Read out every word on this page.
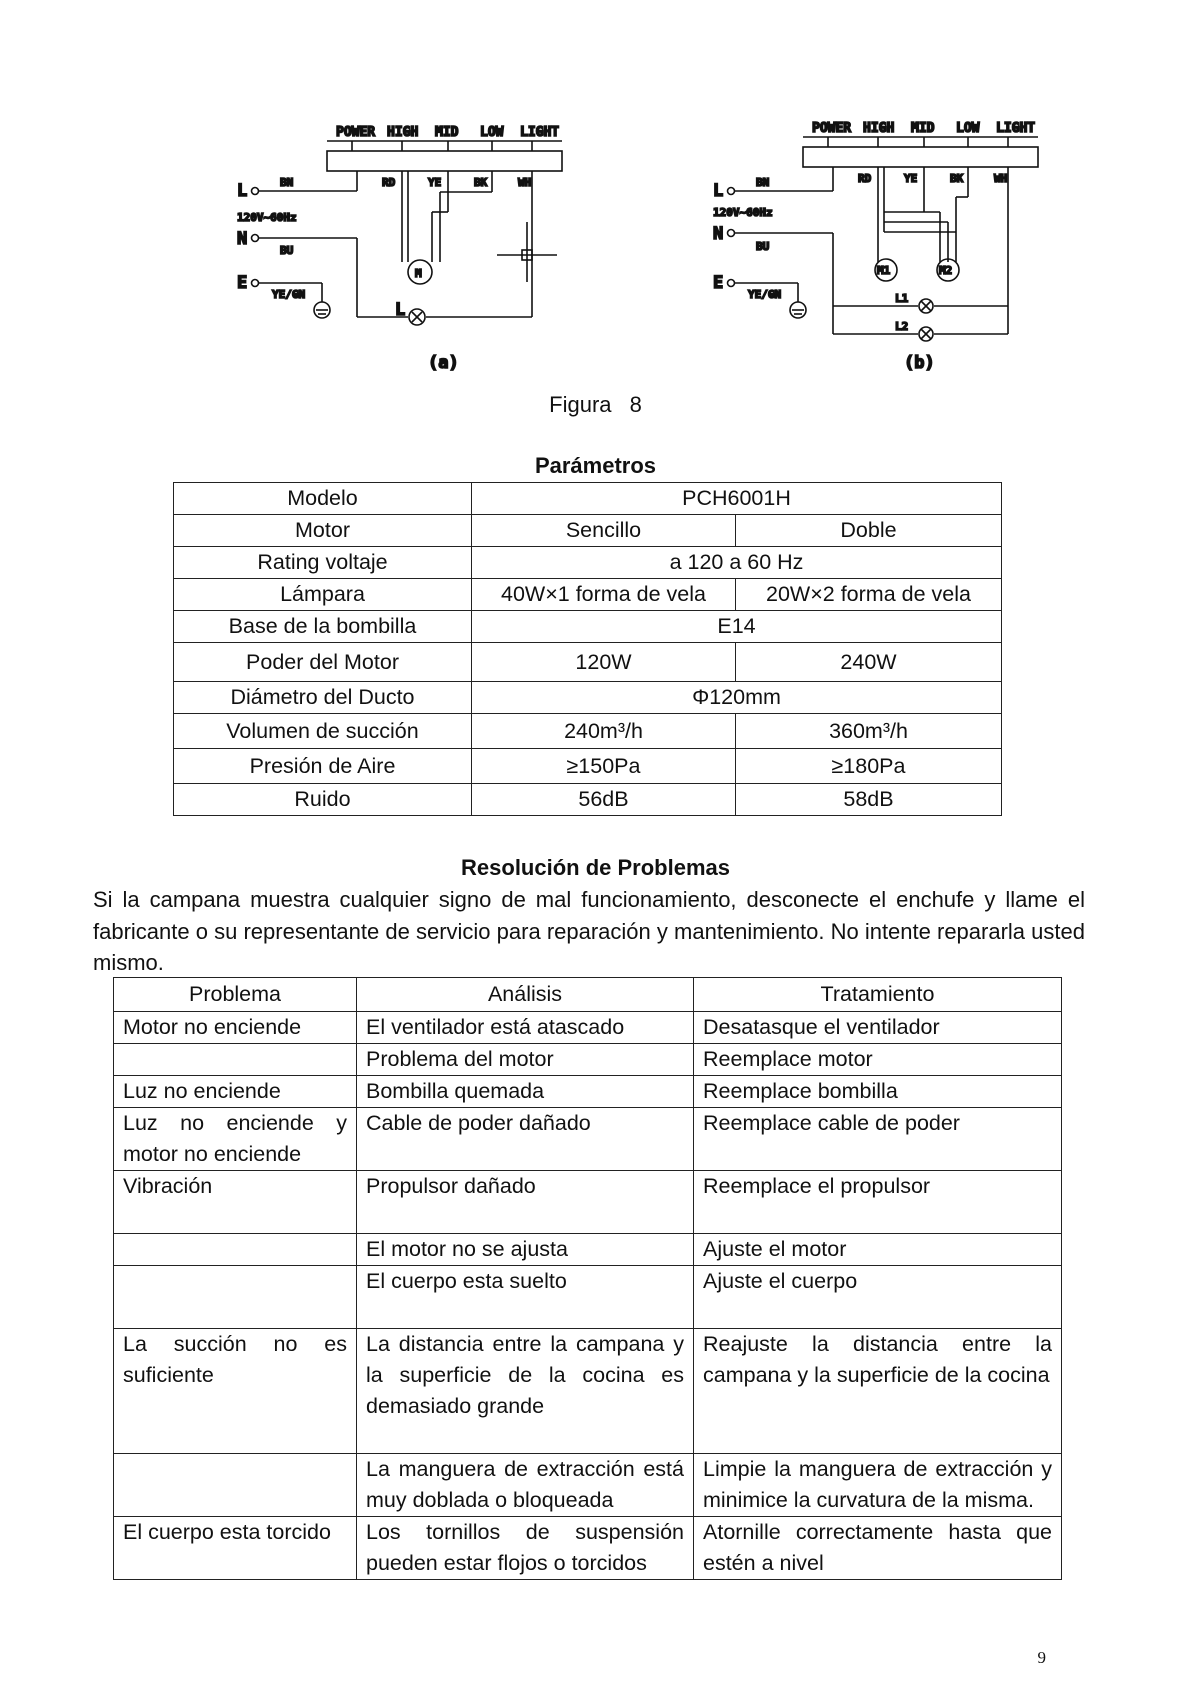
POWER HIGH MID LOW LIGHT
L	BN
120V~60Hz
N
BU
E
YE/GN
RD	YE	BK	WH
M
L
(a)
POWER HIGH MID LOW LIGHT
L	BN
120V~60Hz
N
BU
E
YE/GN
RD	YE	BK	WH
M1	M2
L1
L2
(b)
Figura 8
Parámetros
Modelo	PCH6001H	
Motor	Sencillo	Doble
Rating voltaje	a 120 a 60 Hz	
Lámpara	40W×1 forma de vela	20W×2 forma de vela
Base de la bombilla	E14	
Poder del Motor	120W	240W
Diámetro del Ducto	Φ120mm	
Volumen de succión	240m³/h	360m³/h
Presión de Aire	≥150Pa	≥180Pa
Ruido	56dB	58dB
Resolución de Problemas
Si la campana muestra cualquier signo de mal funcionamiento, desconecte el enchufe y llame el fabricante o su representante de servicio para reparación y mantenimiento. No intente repararla usted mismo.
Problema	Análisis	Tratamiento
Motor no enciende	El ventilador está atascado	Desatasque el ventilador
	Problema del motor	Reemplace motor
Luz no enciende	Bombilla quemada	Reemplace bombilla
Luz no enciende y motor no enciende	Cable de poder dañado	Reemplace cable de poder
Vibración	Propulsor dañado	Reemplace el propulsor
	El motor no se ajusta	Ajuste el motor
	El cuerpo esta suelto	Ajuste el cuerpo
La succión no es suficiente	La distancia entre la campana y la superficie de la cocina es demasiado grande	Reajuste la distancia entre la campana y la superficie de la cocina
	La manguera de extracción está muy doblada o bloqueada	Limpie la manguera de extracción y minimice la curvatura de la misma.
El cuerpo esta torcido	Los tornillos de suspensión pueden estar flojos o torcidos	Atornille correctamente hasta que estén a nivel
9
